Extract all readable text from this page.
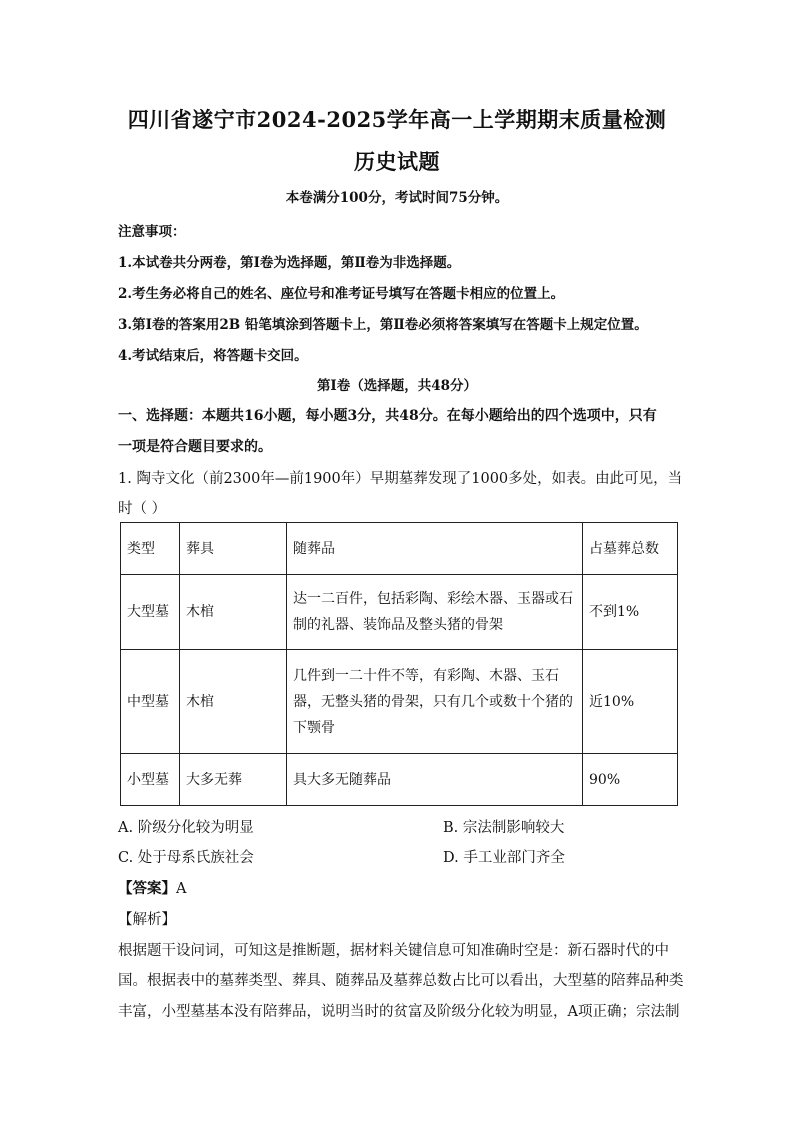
四川省遂宁市2024-2025学年高一上学期期末质量检测
历史试题
本卷满分100分，考试时间75分钟。
注意事项：
1.本试卷共分两卷，第Ⅰ卷为选择题，第Ⅱ卷为非选择题。
2.考生务必将自己的姓名、座位号和准考证号填写在答题卡相应的位置上。
3.第Ⅰ卷的答案用2B 铅笔填涂到答题卡上，第Ⅱ卷必须将答案填写在答题卡上规定位置。
4.考试结束后，将答题卡交回。
第Ⅰ卷（选择题，共48分）
一、选择题：本题共16小题，每小题3分，共48分。在每小题给出的四个选项中，只有
一项是符合题目要求的。
1. 陶寺文化（前2300年—前1900年）早期墓葬发现了1000多处，如表。由此可见，当
时（ ）
类型	葬具	随葬品	占墓葬总数
大型墓	木棺	达一二百件，包括彩陶、彩绘木器、玉器或石
制的礼器、装饰品及整头猪的骨架	不到1%
中型墓	木棺	几件到一二十件不等，有彩陶、木器、玉石
器，无整头猪的骨架，只有几个或数十个猪的
下颚骨	近10%
小型墓	大多无葬	具大多无随葬品	90%
A. 阶级分化较为明显	B. 宗法制影响较大
C. 处于母系氏族社会	D. 手工业部门齐全
【答案】A
【解析】
根据题干设问词，可知这是推断题，据材料关键信息可知准确时空是：新石器时代的中
国。根据表中的墓葬类型、葬具、随葬品及墓葬总数占比可以看出，大型墓的陪葬品种类
丰富，小型墓基本没有陪葬品，说明当时的贫富及阶级分化较为明显，A项正确；宗法制
